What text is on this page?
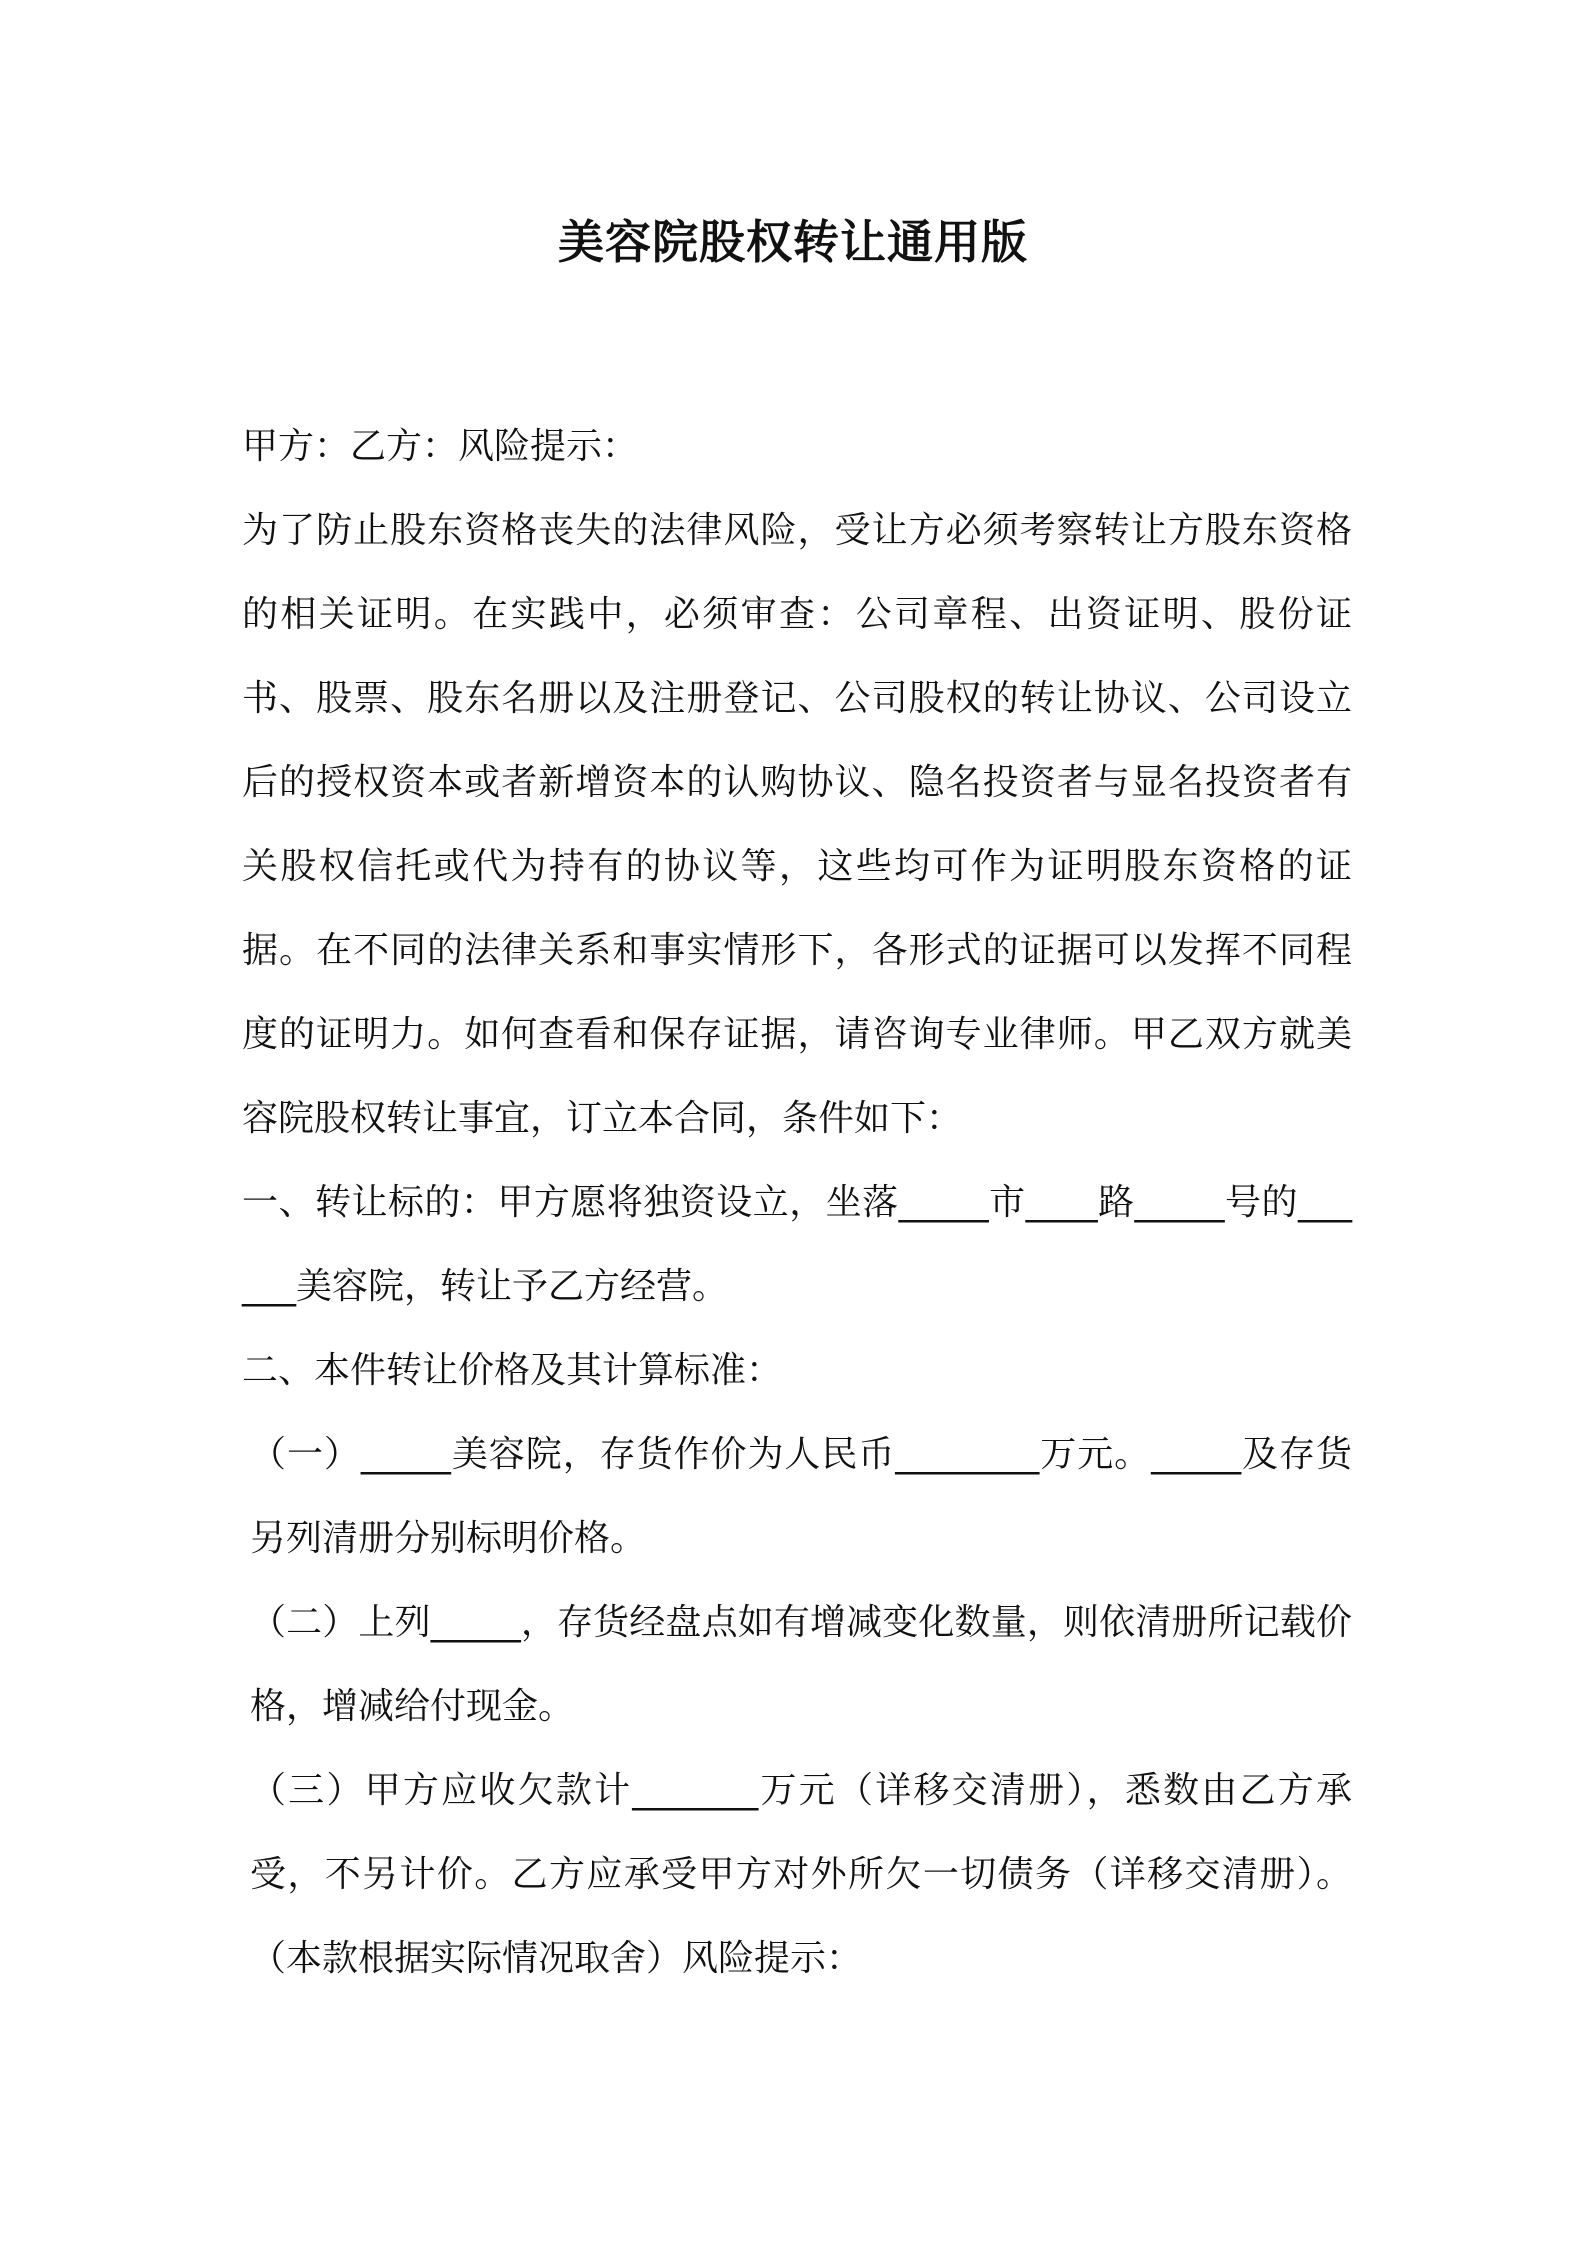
美容院股权转让通用版

甲方：乙方：风险提示：

为了防止股东资格丧失的法律风险，受让方必须考察转让方股东资格的相关证明。在实践中，必须审查：公司章程、出资证明、股份证书、股票、股东名册以及注册登记、公司股权的转让协议、公司设立后的授权资本或者新增资本的认购协议、隐名投资者与显名投资者有关股权信托或代为持有的协议等，这些均可作为证明股东资格的证据。在不同的法律关系和事实情形下，各形式的证据可以发挥不同程度的证明力。如何查看和保存证据，请咨询专业律师。甲乙双方就美容院股权转让事宜，订立本合同，条件如下：

一、转让标的：甲方愿将独资设立，坐落_____市____路_____号的______美容院，转让予乙方经营。

二、本件转让价格及其计算标准：

（一）_____美容院，存货作价为人民币________万元。_____及存货另列清册分别标明价格。

（二）上列_____，存货经盘点如有增减变化数量，则依清册所记载价格，增减给付现金。

（三）甲方应收欠款计_______万元（详移交清册），悉数由乙方承受，不另计价。乙方应承受甲方对外所欠一切债务（详移交清册）。（本款根据实际情况取舍）风险提示：
